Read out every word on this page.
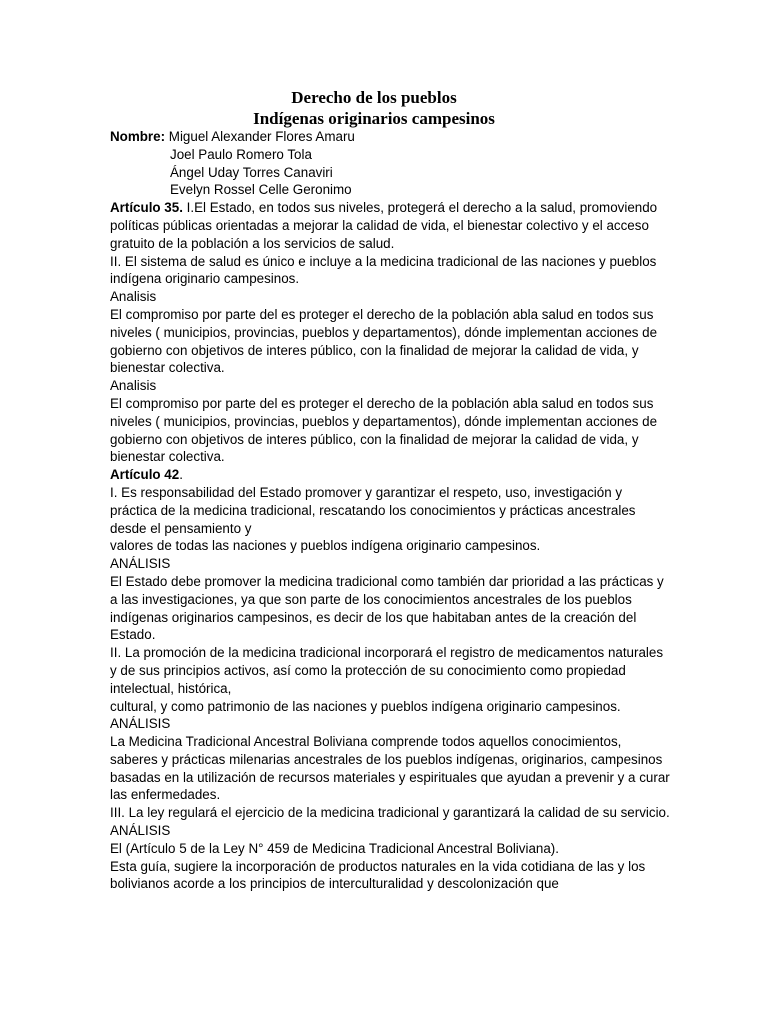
Derecho de los pueblos
Indígenas originarios campesinos

Nombre: Miguel Alexander Flores Amaru

Joel Paulo Romero Tola

Ángel Uday Torres Canaviri

Evelyn Rossel Celle Geronimo

Artículo 35. I.El Estado, en todos sus niveles, protegerá el derecho a la salud, promoviendo políticas públicas orientadas a mejorar la calidad de vida, el bienestar colectivo y el acceso gratuito de la población a los servicios de salud.

II. El sistema de salud es único e incluye a la medicina tradicional de las naciones y pueblos indígena originario campesinos.

Analisis

El compromiso por parte del es proteger el derecho de la población abla salud en todos sus niveles ( municipios, provincias, pueblos y departamentos), dónde implementan acciones de gobierno con objetivos de interes público, con la finalidad de mejorar la calidad de vida, y bienestar colectiva.

Analisis

El compromiso por parte del es proteger el derecho de la población abla salud en todos sus niveles ( municipios, provincias, pueblos y departamentos), dónde implementan acciones de gobierno con objetivos de interes público, con la finalidad de mejorar la calidad de vida, y bienestar colectiva.

Artículo 42.

I. Es responsabilidad del Estado promover y garantizar el respeto, uso, investigación y práctica de la medicina tradicional, rescatando los conocimientos y prácticas ancestrales desde el pensamiento y

valores de todas las naciones y pueblos indígena originario campesinos.

ANÁLISIS

El Estado debe promover la medicina tradicional como también dar prioridad a las prácticas y a las investigaciones, ya que son parte de los conocimientos ancestrales de los pueblos indígenas originarios campesinos, es decir de los que habitaban antes de la creación del Estado.

II. La promoción de la medicina tradicional incorporará el registro de medicamentos naturales y de sus principios activos, así como la protección de su conocimiento como propiedad intelectual, histórica,

cultural, y como patrimonio de las naciones y pueblos indígena originario campesinos.

ANÁLISIS

La Medicina Tradicional Ancestral Boliviana comprende todos aquellos conocimientos, saberes y prácticas milenarias ancestrales de los pueblos indígenas, originarios, campesinos basadas en la utilización de recursos materiales y espirituales que ayudan a prevenir y a curar las enfermedades.

III. La ley regulará el ejercicio de la medicina tradicional y garantizará la calidad de su servicio.

ANÁLISIS

El (Artículo 5 de la Ley N° 459 de Medicina Tradicional Ancestral Boliviana).

Esta guía, sugiere la incorporación de productos naturales en la vida cotidiana de las y los bolivianos acorde a los principios de interculturalidad y descolonización que
